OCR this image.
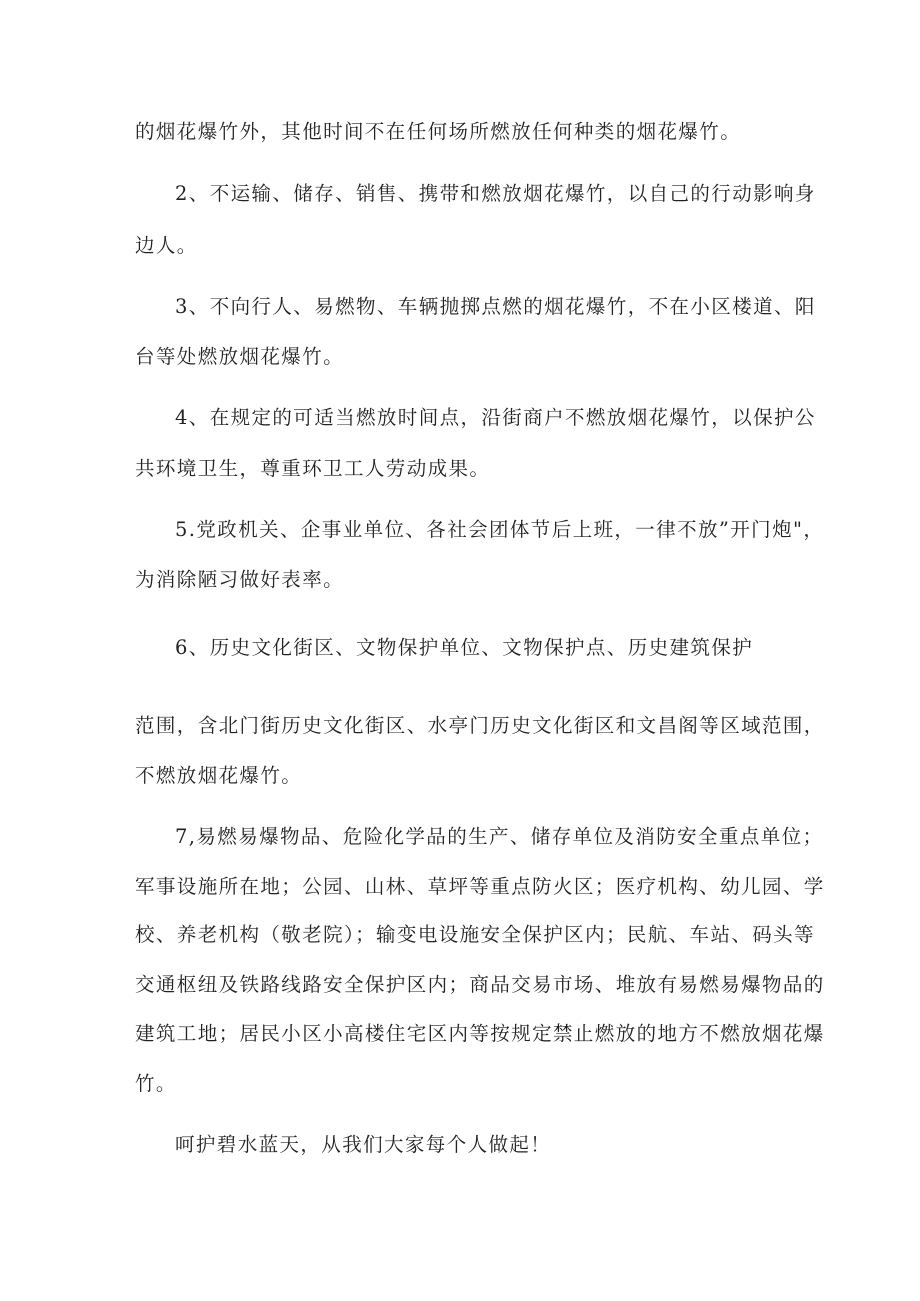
的烟花爆竹外，其他时间不在任何场所燃放任何种类的烟花爆竹。

2、不运输、储存、销售、携带和燃放烟花爆竹，以自己的行动影响身

边人。

3、不向行人、易燃物、车辆抛掷点燃的烟花爆竹，不在小区楼道、阳

台等处燃放烟花爆竹。

4、在规定的可适当燃放时间点，沿街商户不燃放烟花爆竹，以保护公

共环境卫生，尊重环卫工人劳动成果。

5.党政机关、企事业单位、各社会团体节后上班，一律不放”开门炮"，

为消除陋习做好表率。

6、历史文化街区、文物保护单位、文物保护点、历史建筑保护

范围，含北门街历史文化街区、水亭门历史文化街区和文昌阁等区域范围，

不燃放烟花爆竹。

7,易燃易爆物品、危险化学品的生产、储存单位及消防安全重点单位；

军事设施所在地；公园、山林、草坪等重点防火区；医疗机构、幼儿园、学

校、养老机构（敬老院）；输变电设施安全保护区内；民航、车站、码头等

交通枢纽及铁路线路安全保护区内；商品交易市场、堆放有易燃易爆物品的

建筑工地；居民小区小高楼住宅区内等按规定禁止燃放的地方不燃放烟花爆

竹。

呵护碧水蓝天，从我们大家每个人做起！
